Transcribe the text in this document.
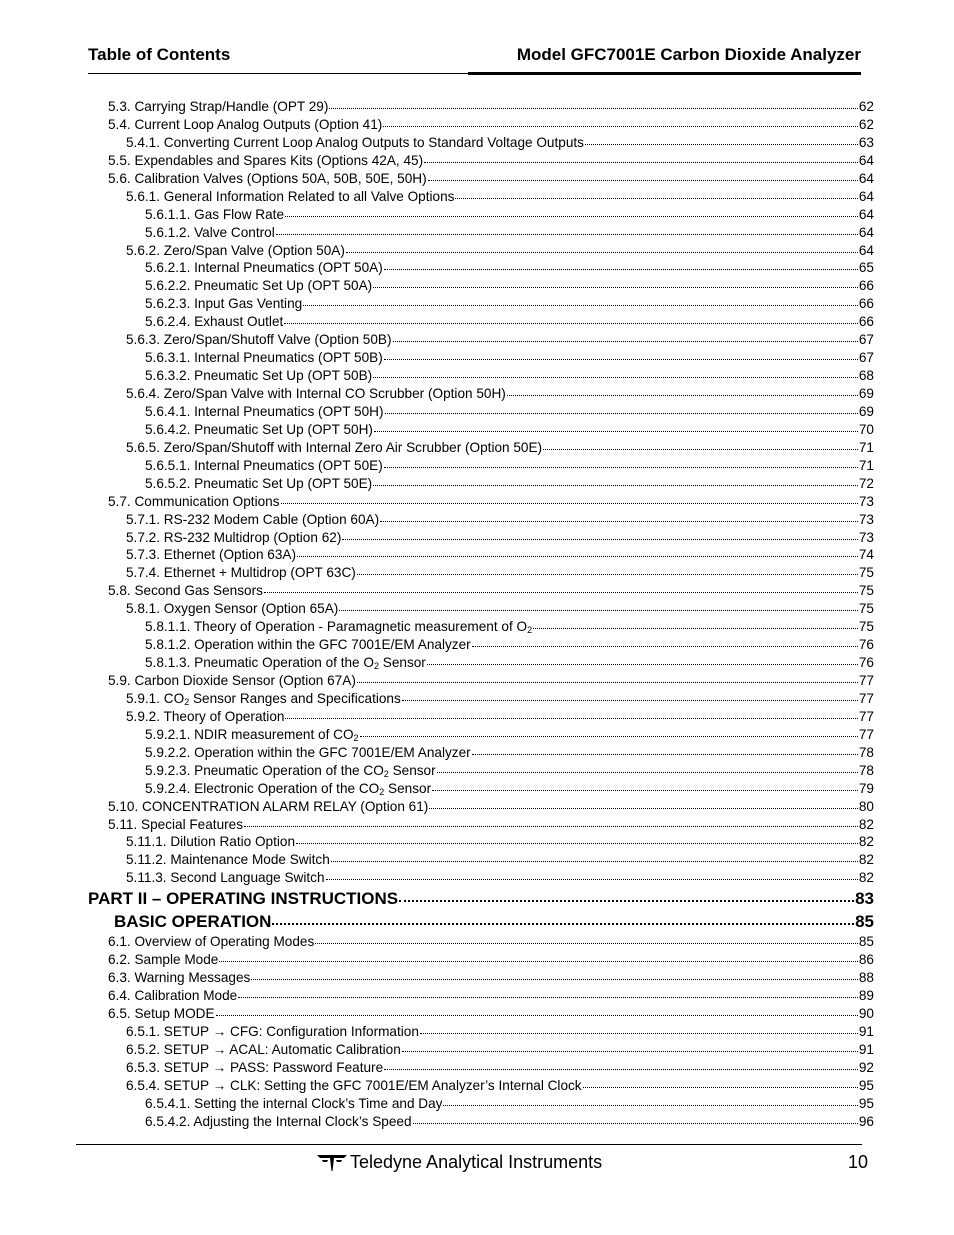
Table of Contents	Model GFC7001E Carbon Dioxide Analyzer
5.3. Carrying Strap/Handle (OPT 29)	62
5.4. Current Loop Analog Outputs (Option 41)	62
5.4.1. Converting Current Loop Analog Outputs to Standard Voltage Outputs	63
5.5. Expendables and Spares Kits (Options 42A, 45)	64
5.6. Calibration Valves (Options 50A, 50B, 50E, 50H)	64
5.6.1. General Information Related to all Valve Options	64
5.6.1.1. Gas Flow Rate	64
5.6.1.2. Valve Control	64
5.6.2. Zero/Span Valve (Option 50A)	64
5.6.2.1. Internal Pneumatics (OPT 50A)	65
5.6.2.2. Pneumatic Set Up (OPT 50A)	66
5.6.2.3. Input Gas Venting	66
5.6.2.4. Exhaust Outlet	66
5.6.3. Zero/Span/Shutoff Valve (Option 50B)	67
5.6.3.1. Internal Pneumatics (OPT 50B)	67
5.6.3.2. Pneumatic Set Up (OPT 50B)	68
5.6.4. Zero/Span Valve with Internal CO Scrubber (Option 50H)	69
5.6.4.1. Internal Pneumatics (OPT 50H)	69
5.6.4.2. Pneumatic Set Up (OPT 50H)	70
5.6.5. Zero/Span/Shutoff with Internal Zero Air Scrubber (Option 50E)	71
5.6.5.1. Internal Pneumatics (OPT 50E)	71
5.6.5.2. Pneumatic Set Up (OPT 50E)	72
5.7. Communication Options	73
5.7.1. RS-232 Modem Cable (Option 60A)	73
5.7.2. RS-232 Multidrop (Option 62)	73
5.7.3. Ethernet (Option 63A)	74
5.7.4. Ethernet + Multidrop (OPT 63C)	75
5.8. Second Gas Sensors	75
5.8.1. Oxygen Sensor (Option 65A)	75
5.8.1.1. Theory of Operation - Paramagnetic measurement of $O_2$	75
5.8.1.2. Operation within the GFC 7001E/EM Analyzer	76
5.8.1.3. Pneumatic Operation of the $O_2$ Sensor	76
5.9. Carbon Dioxide Sensor (Option 67A)	77
5.9.1. $CO_2$ Sensor Ranges and Specifications	77
5.9.2. Theory of Operation	77
5.9.2.1. NDIR measurement of $CO_2$	77
5.9.2.2. Operation within the GFC 7001E/EM Analyzer	78
5.9.2.3. Pneumatic Operation of the $CO_2$ Sensor	78
5.9.2.4. Electronic Operation of the $CO_2$ Sensor	79
5.10. CONCENTRATION ALARM RELAY (Option 61)	80
5.11. Special Features	82
5.11.1. Dilution Ratio Option	82
5.11.2. Maintenance Mode Switch	82
5.11.3. Second Language Switch	82
PART II – OPERATING INSTRUCTIONS	83
BASIC OPERATION	85
6.1. Overview of Operating Modes	85
6.2. Sample Mode	86
6.3. Warning Messages	88
6.4. Calibration Mode	89
6.5. Setup MODE	90
6.5.1. SETUP → CFG: Configuration Information	91
6.5.2. SETUP → ACAL: Automatic Calibration	91
6.5.3. SETUP → PASS: Password Feature	92
6.5.4. SETUP → CLK: Setting the GFC 7001E/EM Analyzer’s Internal Clock	95
6.5.4.1. Setting the internal Clock’s Time and Day	95
6.5.4.2. Adjusting the Internal Clock’s Speed	96
Teledyne Analytical Instruments	10
